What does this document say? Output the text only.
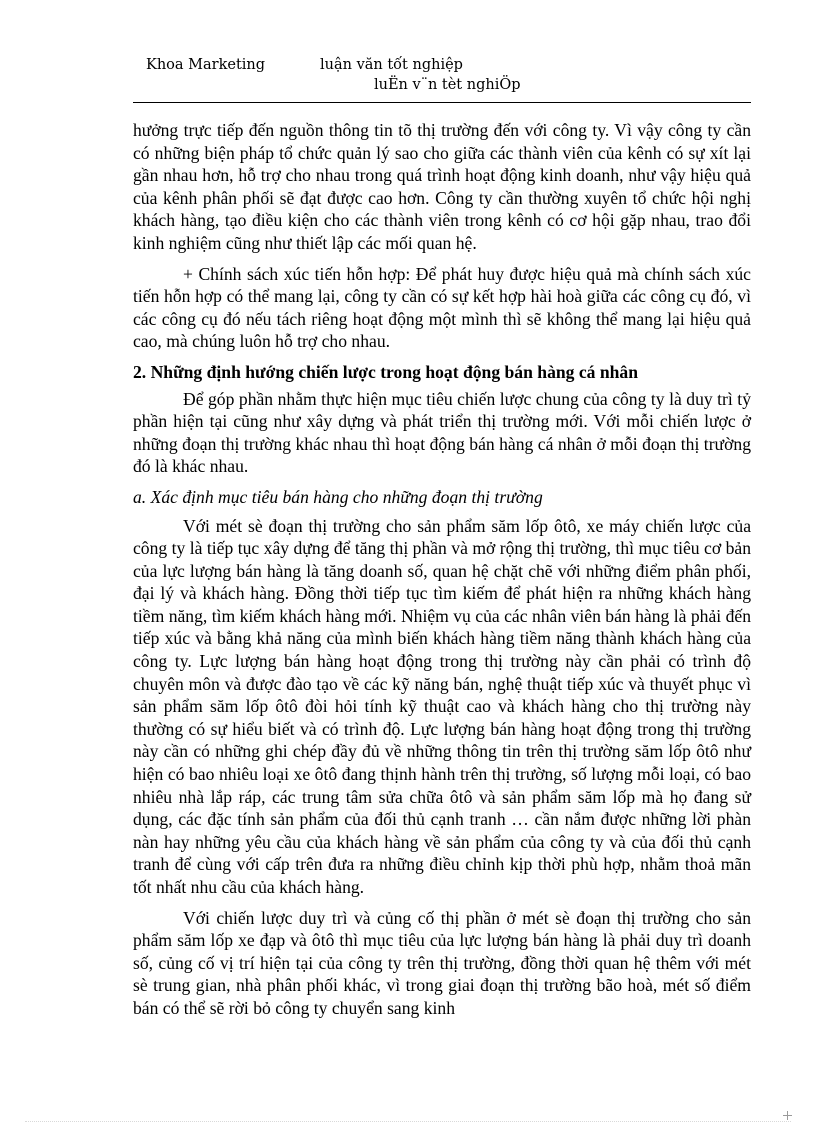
Khoa Marketing	luận văn tốt nghiệp
luËn v¨n tèt nghiÖp

hưởng trực tiếp đến nguồn thông tin tõ thị trường đến với công ty. Vì vậy công ty cần có những biện pháp tổ chức quản lý sao cho giữa các thành viên của kênh có sự xít lại gần nhau hơn, hỗ trợ cho nhau trong quá trình hoạt động kinh doanh, như vậy hiệu quả của kênh phân phối sẽ đạt được cao hơn. Công ty cần thường xuyên tổ chức hội nghị khách hàng, tạo điều kiện cho các thành viên trong kênh có cơ hội gặp nhau, trao đổi kinh nghiệm cũng như thiết lập các mối quan hệ.

+ Chính sách xúc tiến hỗn hợp: Để phát huy được hiệu quả mà chính sách xúc tiến hỗn hợp có thể mang lại, công ty cần có sự kết hợp hài hoà giữa các công cụ đó, vì các công cụ đó nếu tách riêng hoạt động một mình thì sẽ không thể mang lại hiệu quả cao, mà chúng luôn hỗ trợ cho nhau.

2. Những định hướng chiến lược trong hoạt động bán hàng cá nhân

Để góp phần nhằm thực hiện mục tiêu chiến lược chung của công ty là duy trì tỷ phần hiện tại cũng như xây dựng và phát triển thị trường mới. Với mỗi chiến lược ở những đoạn thị trường khác nhau thì hoạt động bán hàng cá nhân ở mỗi đoạn thị trường đó là khác nhau.

a. Xác định mục tiêu bán hàng cho những đoạn thị trường

Với mét sè đoạn thị trường cho sản phẩm săm lốp ôtô, xe máy chiến lược của công ty là tiếp tục xây dựng để tăng thị phần và mở rộng thị trường, thì mục tiêu cơ bản của lực lượng bán hàng là tăng doanh số, quan hệ chặt chẽ với những điểm phân phối, đại lý và khách hàng. Đồng thời tiếp tục tìm kiếm để phát hiện ra những khách hàng tiềm năng, tìm kiếm khách hàng mới. Nhiệm vụ của các nhân viên bán hàng là phải đến tiếp xúc và bằng khả năng của mình biến khách hàng tiềm năng thành khách hàng của công ty. Lực lượng bán hàng hoạt động trong thị trường này cần phải có trình độ chuyên môn và được đào tạo về các kỹ năng bán, nghệ thuật tiếp xúc và thuyết phục vì sản phẩm săm lốp ôtô đòi hỏi tính kỹ thuật cao và khách hàng cho thị trường này thường có sự hiểu biết và có trình độ. Lực lượng bán hàng hoạt động trong thị trường này cần có những ghi chép đầy đủ về những thông tin trên thị trường săm lốp ôtô như hiện có bao nhiêu loại xe ôtô đang thịnh hành trên thị trường, số lượng mỗi loại, có bao nhiêu nhà lắp ráp, các trung tâm sửa chữa ôtô và sản phẩm săm lốp mà họ đang sử dụng, các đặc tính sản phẩm của đối thủ cạnh tranh … cần nắm được những lời phàn nàn hay những yêu cầu của khách hàng về sản phẩm của công ty và của đối thủ cạnh tranh để cùng với cấp trên đưa ra những điều chỉnh kịp thời phù hợp, nhằm thoả mãn tốt nhất nhu cầu của khách hàng.

Với chiến lược duy trì và củng cố thị phần ở mét sè đoạn thị trường cho sản phẩm săm lốp xe đạp và ôtô thì mục tiêu của lực lượng bán hàng là phải duy trì doanh số, củng cố vị trí hiện tại của công ty trên thị trường, đồng thời quan hệ thêm với mét sè trung gian, nhà phân phối khác, vì trong giai đoạn thị trường bão hoà, mét số điểm bán có thể sẽ rời bỏ công ty chuyển sang kinh
